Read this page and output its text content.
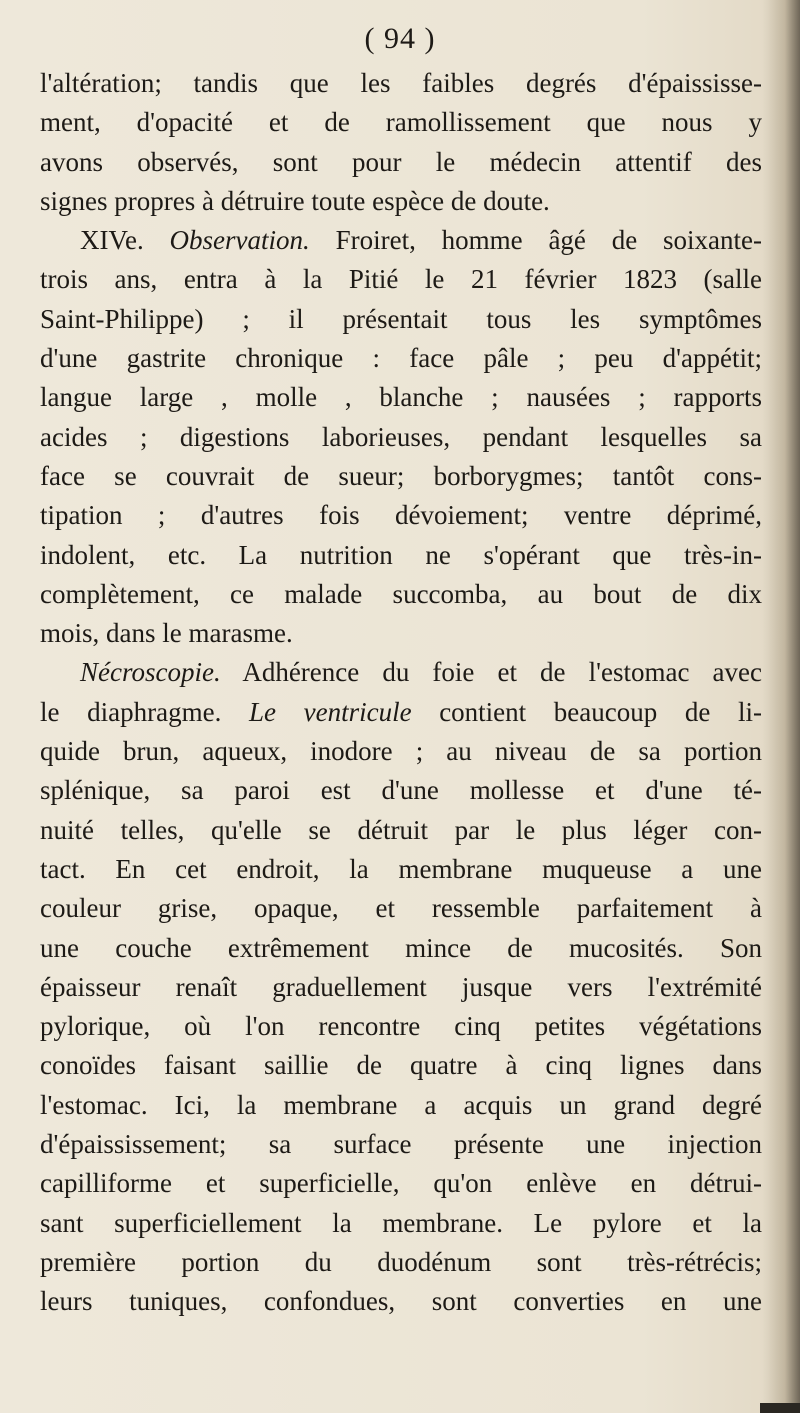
( 94 )
l'altération; tandis que les faibles degrés d'épaississe-
ment, d'opacité et de ramollissement que nous y
avons observés, sont pour le médecin attentif des
signes propres à détruire toute espèce de doute.
XIVe. Observation. Froiret, homme âgé de soixante-
trois ans, entra à la Pitié le 21 février 1823 (salle
Saint-Philippe) ; il présentait tous les symptômes
d'une gastrite chronique : face pâle ; peu d'appétit;
langue large , molle , blanche ; nausées ; rapports
acides ; digestions laborieuses, pendant lesquelles sa
face se couvrait de sueur; borborygmes; tantôt cons-
tipation ; d'autres fois dévoiement; ventre déprimé,
indolent, etc. La nutrition ne s'opérant que très-in-
complètement, ce malade succomba, au bout de dix
mois, dans le marasme.
Nécroscopie. Adhérence du foie et de l'estomac avec
le diaphragme. Le ventricule contient beaucoup de li-
quide brun, aqueux, inodore ; au niveau de sa portion
splénique, sa paroi est d'une mollesse et d'une té-
nuité telles, qu'elle se détruit par le plus léger con-
tact. En cet endroit, la membrane muqueuse a une
couleur grise, opaque, et ressemble parfaitement à
une couche extrêmement mince de mucosités. Son
épaisseur renaît graduellement jusque vers l'extrémité
pylorique, où l'on rencontre cinq petites végétations
conoïdes faisant saillie de quatre à cinq lignes dans
l'estomac. Ici, la membrane a acquis un grand degré
d'épaississement; sa surface présente une injection
capilliforme et superficielle, qu'on enlève en détrui-
sant superficiellement la membrane. Le pylore et la
première portion du duodénum sont très-rétrécis;
leurs tuniques, confondues, sont converties en une
